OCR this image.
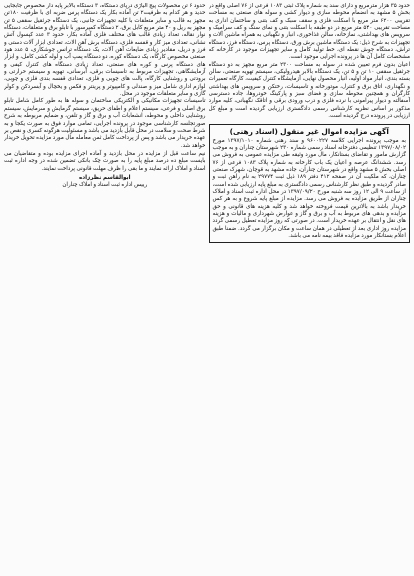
حدود ۳۵ هزار مترمربع و دارای سند به شماره پلاک ثبتی ۱۰۸۳ فرعی از ۷۶ اصلی واقع در بخش ۵ مشهد به انضمام محوطه سازی و دیوار کشی و سوله های صنعتی به مساحت تقریبی ۶۲۰۰ متر مربع با اسکلت فلزی و سقف سبک و کف بتنی و ساختمان اداری به مساحت تقریبی ۵۴۰ متر مربع در دو طبقه با اسکلت بتنی و نمای سنگ و کف سرامیک و سرویس های بهداشتی، نمازخانه، سالن غذاخوری، انبار و نگهبانی به همراه ماشین آلات و تجهیزات به شرح ذیل: یک دستگاه ماشین برش ورق، دستگاه پرس، دستگاه فرز، دستگاه تراش، دستگاه جوش نقطه ای، خط تولید کامل و سایر تجهیزات موجود در کارخانه که مشخصات کامل آن ها در پرونده اجرایی موجود است.

اعیان بدون فرم تعیین شده در سوله به مساحت ۲۳۰۰ متر مربع مجهز به دو دستگاه جرثقیل سقفی ۱۰ تن و ۵ تن، یک دستگاه بالابر هیدرولیکی، سیستم تهویه صنعتی، سالن بسته بندی، انبار مواد اولیه، انبار محصول نهایی، آزمایشگاه کنترل کیفیت، کارگاه تعمیرات و نگهداری، اتاق برق و کنترل، موتورخانه و تاسیسات، رختکن و سرویس های بهداشتی کارگران و همچنین محوطه سازی و فضای سبز و پارکینگ خودروها، جاده دسترسی آسفالته و دیوار پیرامونی با نرده فلزی و درب ورودی برقی و اتاقک نگهبانی، کلیه موارد مذکور بر اساس نظریه کارشناس رسمی دادگستری ارزیابی گردیده است و مبلغ کل ارزیابی در پرونده درج گردیده است.

آگهی مزایده اموال غیر منقول (اسناد رهنی)

به موجب پرونده اجرایی کلاسه ۹۶۰۰۲۲۷ و سند رهنی شماره ۱۳۹۷/۱۰۱۰ مورخ ۱۳۹۷/۰۸/۰۲ تنظیمی دفترخانه اسناد رسمی شماره ۲۳۰ شهرستان چناران و به موجب گزارش مامور و تقاضای بستانکار، مال مورد وثیقه طی مزایده عمومی به فروش می رسد. ششدانگ عرصه و اعیان یک باب کارخانه به شماره پلاک ۱۰۸۳ فرعی از ۷۶ اصلی بخش ۵ مشهد واقع در شهرستان چناران، جاده مشهد به قوچان، شهرک صنعتی چناران، که ملکیت آن در صفحه ۴۱۲ دفتر ۱۸۹ ذیل ثبت ۲۹۷۷۴ به نام راهن ثبت و صادر گردیده و طبق نظر کارشناس رسمی دادگستری به مبلغ پایه ارزیابی شده است، از ساعت ۹ الی ۱۲ روز سه شنبه مورخ ۱۳۹۷/۰۹/۲۰ در محل اداره ثبت اسناد و املاک چناران از طریق مزایده به فروش می رسد. مزایده از مبلغ پایه شروع و به هر کس خریدار باشد به بالاترین قیمت فروخته خواهد شد و کلیه هزینه های قانونی و حق مزایده و بدهی های مربوط به آب و برق و گاز و عوارض شهرداری و مالیات و هزینه های نقل و انتقال بر عهده خریدار است. در صورتی که روز مزایده تعطیل رسمی گردد مزایده روز اداری بعد از تعطیلی در همان ساعت و مکان برگزار می گردد. ضمنا طبق اعلام بستانکار مورد مزایده فاقد بیمه نامه می باشد.

حدود ۶ تن محصولات پیچ آلیاژی درپای دستگاه، ۳ دستگاه بالابر پایه دار مخصوص جابجایی حدید و هر کدام به ظرفیت۲ تن آماده بکار یک دستگاه پرس ضربه ای با ظرفیت ۱۸۰تن مجهز به قالب و سایر متعلقات با کلیه تجهیزات جانبی، یک دستگاه جرثقیل سقفی ۵ تن مجهز به ریل و ۴۰ متر مربع کابل برق، ۲ دستگاه کمپرسور با تابلو برق و متعلقات، دستگاه نوار نقاله، تعداد زیادی قالب های مختلف فلزی آماده بکار، حدود ۳ عدد کپسول آتش نشانی، تعدادی میز کار و قفسه فلزی، دستگاه برش آهن الات، تعدادی ابزار آلات دستی و فرز و دریل، مقادیر زیادی ضایعات آهن آلات، یک دستگاه ترانس جوشکاری، ۵ عدد هود صنعتی مخصوص کارگاه، یک دستگاه کوره، دو دستگاه پمپ آب و لوله کشی کامل، و ابزار های دستگاه پرس و کوره های صنعتی، تعداد زیادی دستگاه های کنترل کیفی و آزمایشگاهی، تجهیزات مربوط به تاسیسات برقی، آبرسانی، تهویه و سیستم حرارتی و برودتی و روشنایی کارگاه، پالت های چوبی و فلزی، تعدادی قفسه بندی فلزی و چوبی، لوازم اداری شامل میز و صندلی و کامپیوتر و پرینتر و فکس و یخچال و آبسردکن و کولر گازی و سایر متعلقات موجود در محل.

تاسیسات تجهیزات مکانیکی و الکتریکی ساختمان و سوله ها به طور کامل شامل تابلو برق اصلی و فرعی، سیستم اعلام و اطفای حریق، سیستم گرمایش و سرمایش، سیستم روشنایی داخلی و محوطه، انشعابات آب و برق و گاز و تلفن، و ضمایم مربوطه به شرح صورتجلسه کارشناسی موجود در پرونده اجرایی، تمامی موارد فوق به صورت یکجا و به شرط صحت و سلامت در محل قابل بازدید می باشد و مسئولیت هرگونه کسری و نقص بر عهده خریدار می باشد و پس از پرداخت کامل ثمن معامله مال مورد مزایده تحویل خریدار خواهد شد.

نیم ساعت قبل از مزایده در محل بازدید و آماده اجرای مزایده بوده و متقاضیان می بایست مبلغ ده درصد مبلغ پایه را به صورت چک بانکی تضمین شده در وجه اداره ثبت اسناد و املاک ارائه نمایند و ما بقی را ظرف مهلت قانونی پرداخت نمایند.

ابوالقاسم نظرزاده
رییس اداره ثبت اسناد و املاک چناران
